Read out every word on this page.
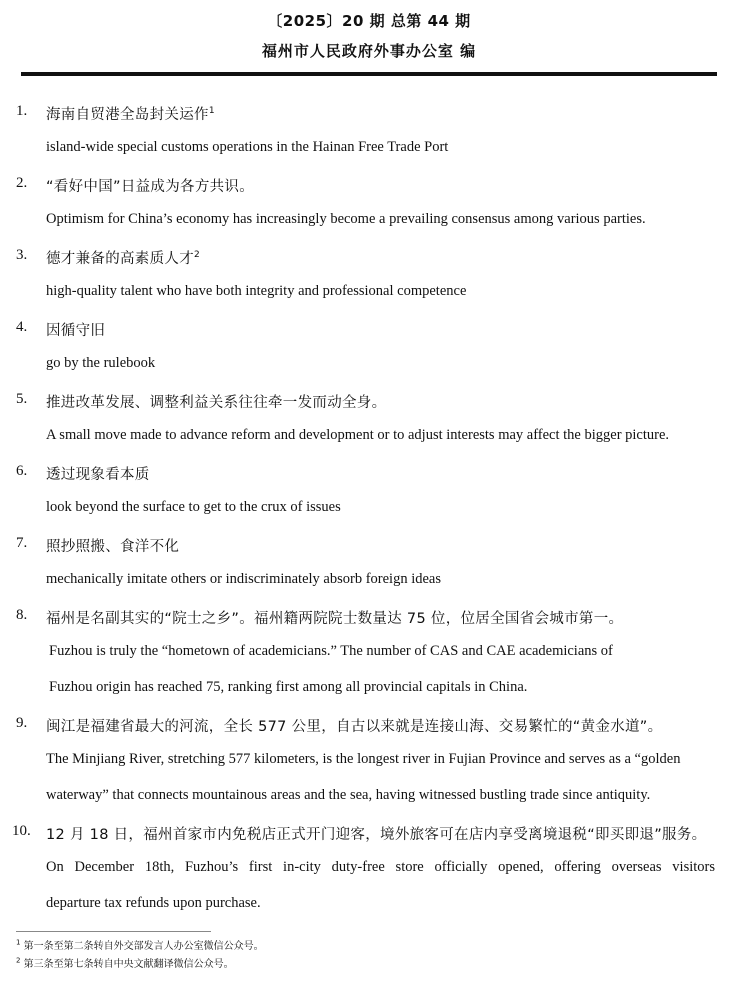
〔2025〕20 期 总第 44 期
福州市人民政府外事办公室 编
1. 海南自贸港全岛封关运作$^1$
island-wide special customs operations in the Hainan Free Trade Port
2. “看好中国”日益成为各方共识。
Optimism for China’s economy has increasingly become a prevailing consensus among various parties.
3. 德才兼备的高素质人才$^2$
high-quality talent who have both integrity and professional competence
4. 因循守旧
go by the rulebook
5. 推进改革发展、调整利益关系往往牵一发而动全身。
A small move made to advance reform and development or to adjust interests may affect the bigger picture.
6. 透过现象看本质
look beyond the surface to get to the crux of issues
7. 照抄照搬、食洋不化
mechanically imitate others or indiscriminately absorb foreign ideas
8. 福州是名副其实的“院士之乡”。福州籍两院院士数量达 75 位，位居全国省会城市第一。
Fuzhou is truly the “hometown of academicians.” The number of CAS and CAE academicians of
Fuzhou origin has reached 75, ranking first among all provincial capitals in China.
9. 闽江是福建省最大的河流，全长 577 公里，自古以来就是连接山海、交易繁忙的“黄金水道”。
The Minjiang River, stretching 577 kilometers, is the longest river in Fujian Province and serves as a “golden
waterway” that connects mountainous areas and the sea, having witnessed bustling trade since antiquity.
10. 12 月 18 日，福州首家市内免税店正式开门迎客，境外旅客可在店内享受离境退税“即买即退”服务。
On December 18th, Fuzhou’s first in-city duty-free store officially opened, offering overseas visitors
departure tax refunds upon purchase.
$^1$ 第一条至第二条转自外交部发言人办公室微信公众号。
$^2$ 第三条至第七条转自中央文献翻译微信公众号。
